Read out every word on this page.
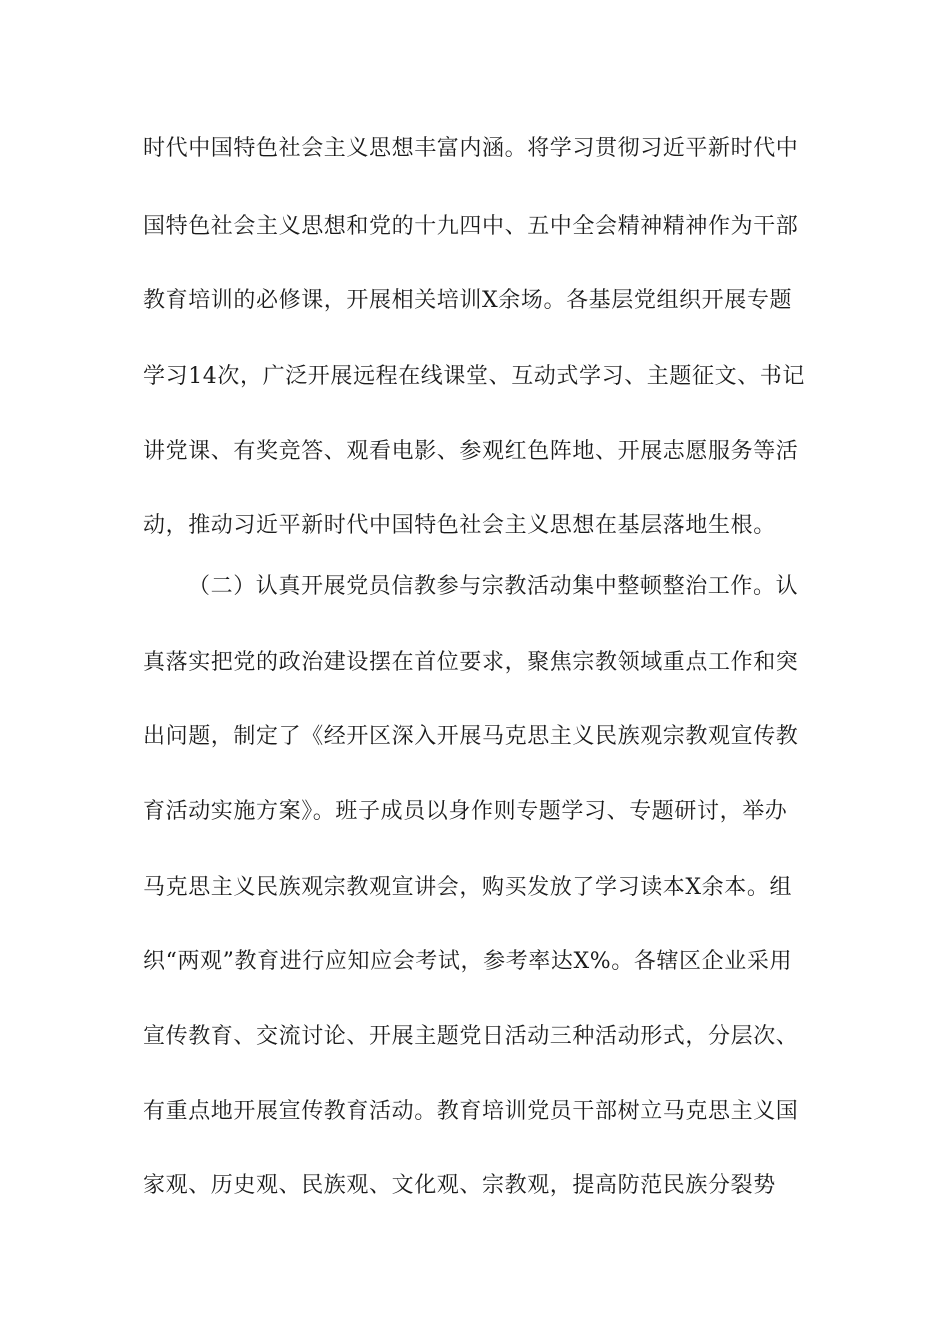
时代中国特色社会主义思想丰富内涵。将学习贯彻习近平新时代中
国特色社会主义思想和党的十九四中、五中全会精神精神作为干部
教育培训的必修课，开展相关培训X余场。各基层党组织开展专题
学习14次，广泛开展远程在线课堂、互动式学习、主题征文、书记
讲党课、有奖竞答、观看电影、参观红色阵地、开展志愿服务等活
动，推动习近平新时代中国特色社会主义思想在基层落地生根。
（二）认真开展党员信教参与宗教活动集中整顿整治工作。认
真落实把党的政治建设摆在首位要求，聚焦宗教领域重点工作和突
出问题，制定了《经开区深入开展马克思主义民族观宗教观宣传教
育活动实施方案》。班子成员以身作则专题学习、专题研讨，举办
马克思主义民族观宗教观宣讲会，购买发放了学习读本X余本。组
织“两观”教育进行应知应会考试，参考率达X%。各辖区企业采用
宣传教育、交流讨论、开展主题党日活动三种活动形式，分层次、
有重点地开展宣传教育活动。教育培训党员干部树立马克思主义国
家观、历史观、民族观、文化观、宗教观，提高防范民族分裂势
